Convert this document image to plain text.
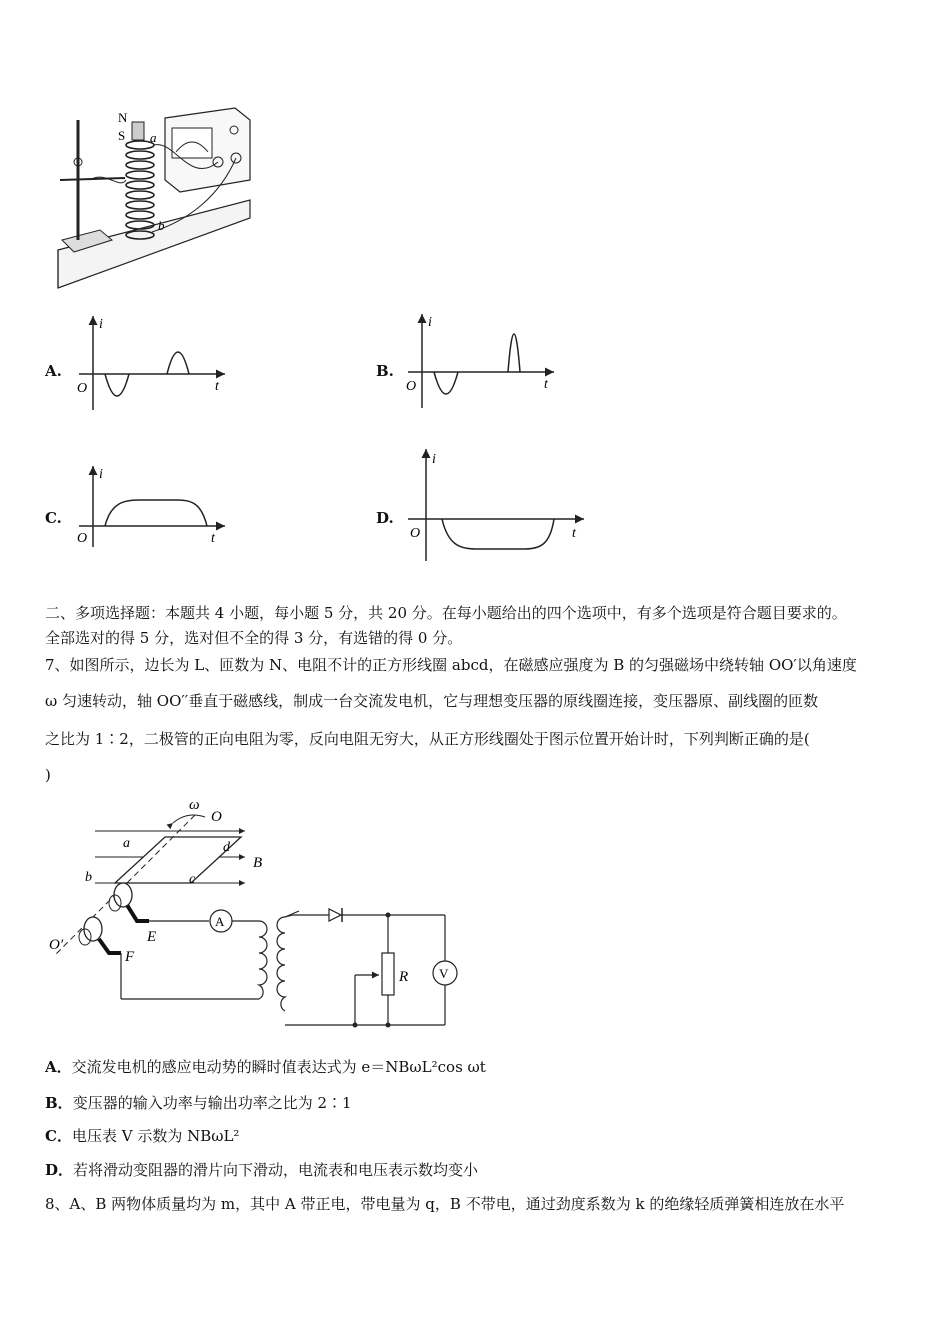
N
S a
b
A.
i
t
O
B.
i
t
O
C.
i
t
O
D.
i
t
O
二、多项选择题：本题共 4 小题，每小题 5 分，共 20 分。在每小题给出的四个选项中，有多个选项是符合题目要求的。
全部选对的得 5 分，选对但不全的得 3 分，有选错的得 0 分。
7、如图所示，边长为 L、匝数为 N、电阻不计的正方形线圈 abcd，在磁感应强度为 B 的匀强磁场中绕转轴 OO′以角速度
ω 匀速转动，轴 OO′′垂直于磁感线，制成一台交流发电机，它与理想变压器的原线圈连接，变压器原、副线圈的匝数
之比为 1∶2，二极管的正向电阻为零，反向电阻无穷大，从正方形线圈处于图示位置开始计时，下列判断正确的是(
)
ω
O
O′
a
b	c
d
B
E
F
A
V
R
A．交流发电机的感应电动势的瞬时值表达式为 e＝NBωL²cos ωt
B．变压器的输入功率与输出功率之比为 2∶1
C．电压表 V 示数为 NBωL²
D．若将滑动变阻器的滑片向下滑动，电流表和电压表示数均变小
8、A、B 两物体质量均为 m，其中 A 带正电，带电量为 q，B 不带电，通过劲度系数为 k 的绝缘轻质弹簧相连放在水平
